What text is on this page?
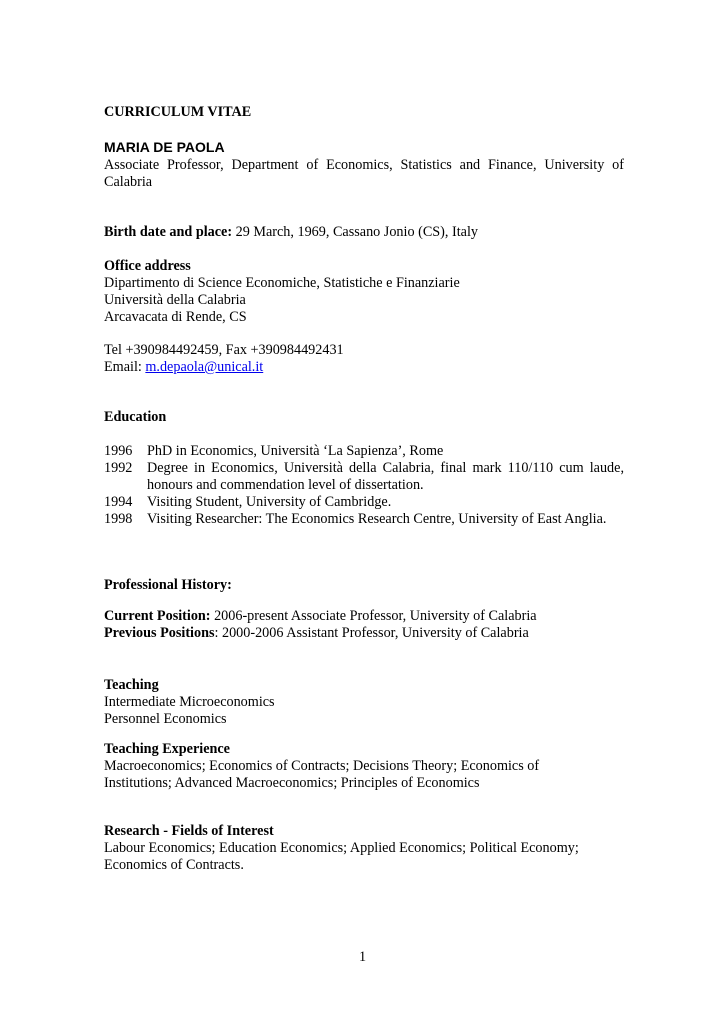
CURRICULUM VITAE
MARIA DE PAOLA
Associate Professor, Department of Economics, Statistics and Finance, University of Calabria
Birth date and place: 29 March, 1969, Cassano Jonio (CS), Italy
Office address
Dipartimento di Science Economiche, Statistiche e Finanziarie
Università della Calabria
Arcavacata di Rende, CS
Tel +390984492459, Fax +390984492431
Email: m.depaola@unical.it
Education
1996	PhD in Economics, Università ‘La Sapienza’, Rome
1992	Degree in Economics, Università della Calabria, final mark 110/110 cum laude, honours and commendation level of dissertation.
1994	Visiting Student, University of Cambridge.
1998	Visiting Researcher: The Economics Research Centre, University of East Anglia.
Professional History:
Current Position: 2006-present Associate Professor, University of Calabria
Previous Positions: 2000-2006 Assistant Professor, University of Calabria
Teaching
Intermediate Microeconomics
Personnel Economics
Teaching Experience
Macroeconomics; Economics of Contracts; Decisions Theory; Economics of Institutions; Advanced Macroeconomics; Principles of Economics
Research - Fields of Interest
Labour Economics; Education Economics; Applied Economics; Political Economy; Economics of Contracts.
1
